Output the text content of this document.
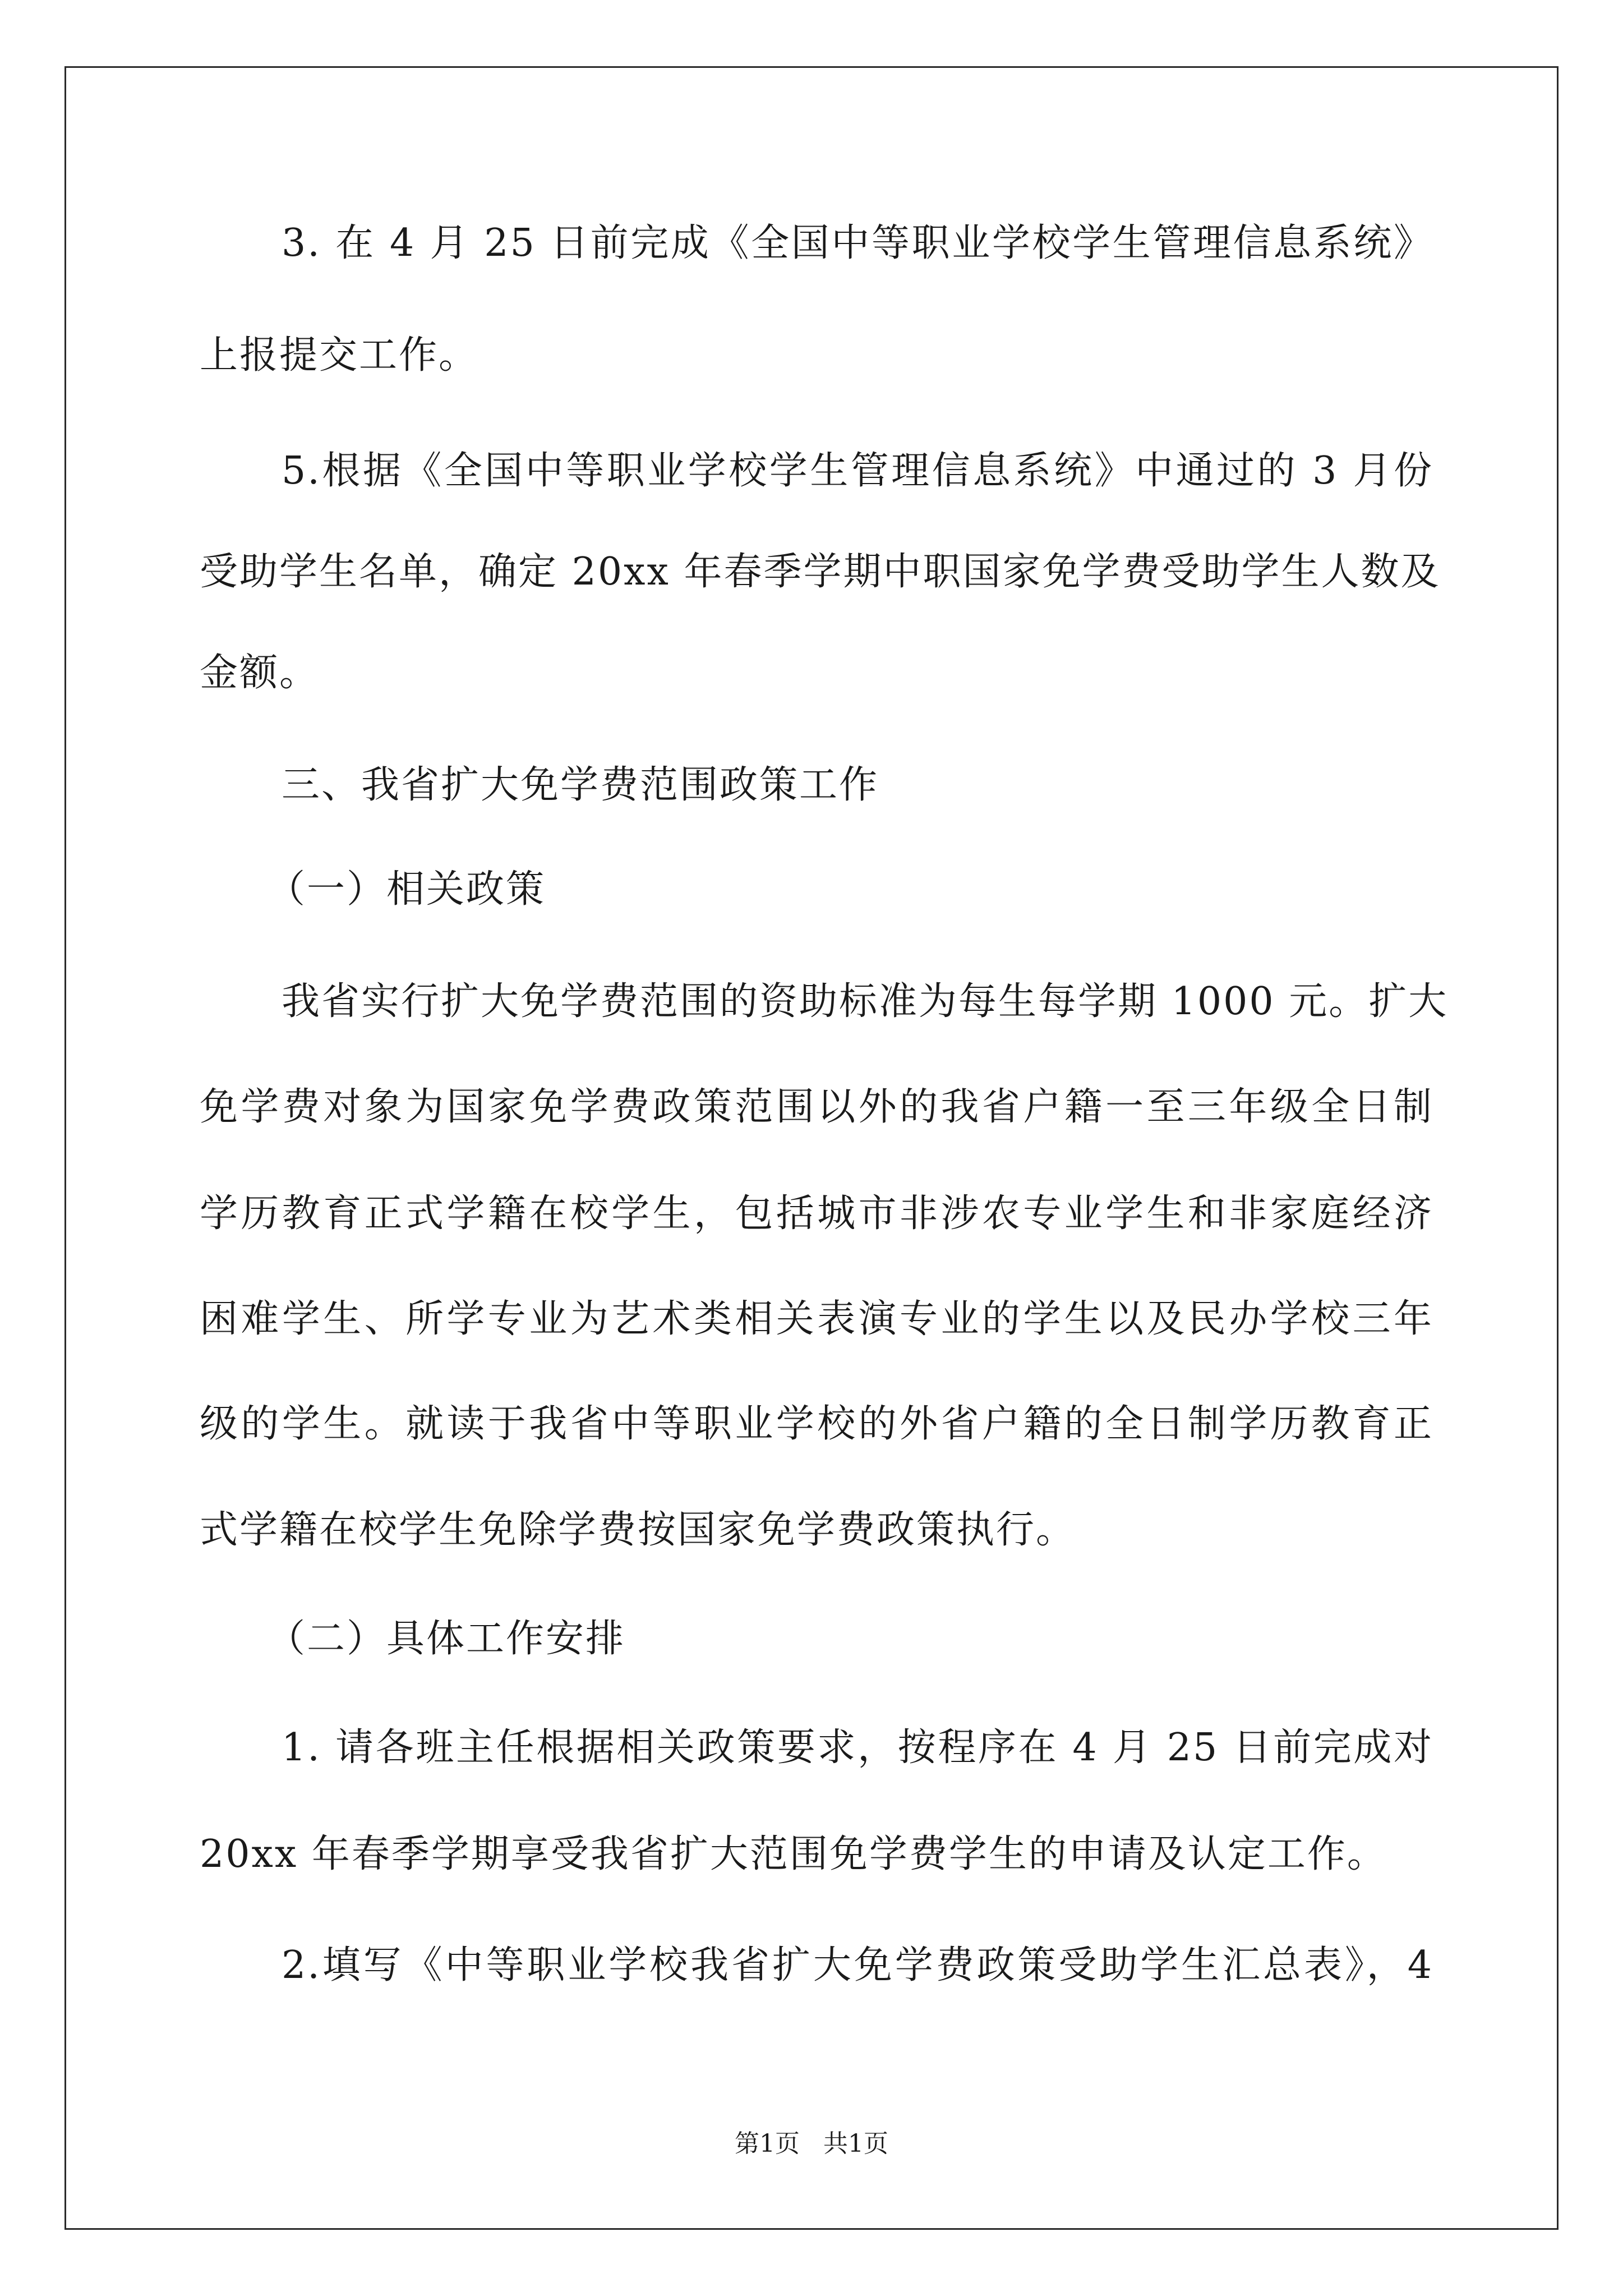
3. 在 4 月 25 日前完成《全国中等职业学校学生管理信息系统》
上报提交工作。
5.根据《全国中等职业学校学生管理信息系统》中通过的 3 月份
受助学生名单，确定 20xx 年春季学期中职国家免学费受助学生人数及
金额。
三、我省扩大免学费范围政策工作
（一）相关政策
我省实行扩大免学费范围的资助标准为每生每学期 1000 元。扩大
免学费对象为国家免学费政策范围以外的我省户籍一至三年级全日制
学历教育正式学籍在校学生，包括城市非涉农专业学生和非家庭经济
困难学生、所学专业为艺术类相关表演专业的学生以及民办学校三年
级的学生。就读于我省中等职业学校的外省户籍的全日制学历教育正
式学籍在校学生免除学费按国家免学费政策执行。
（二）具体工作安排
1. 请各班主任根据相关政策要求，按程序在 4 月 25 日前完成对
20xx 年春季学期享受我省扩大范围免学费学生的申请及认定工作。
2.填写《中等职业学校我省扩大免学费政策受助学生汇总表》，4
第1页   共1页
